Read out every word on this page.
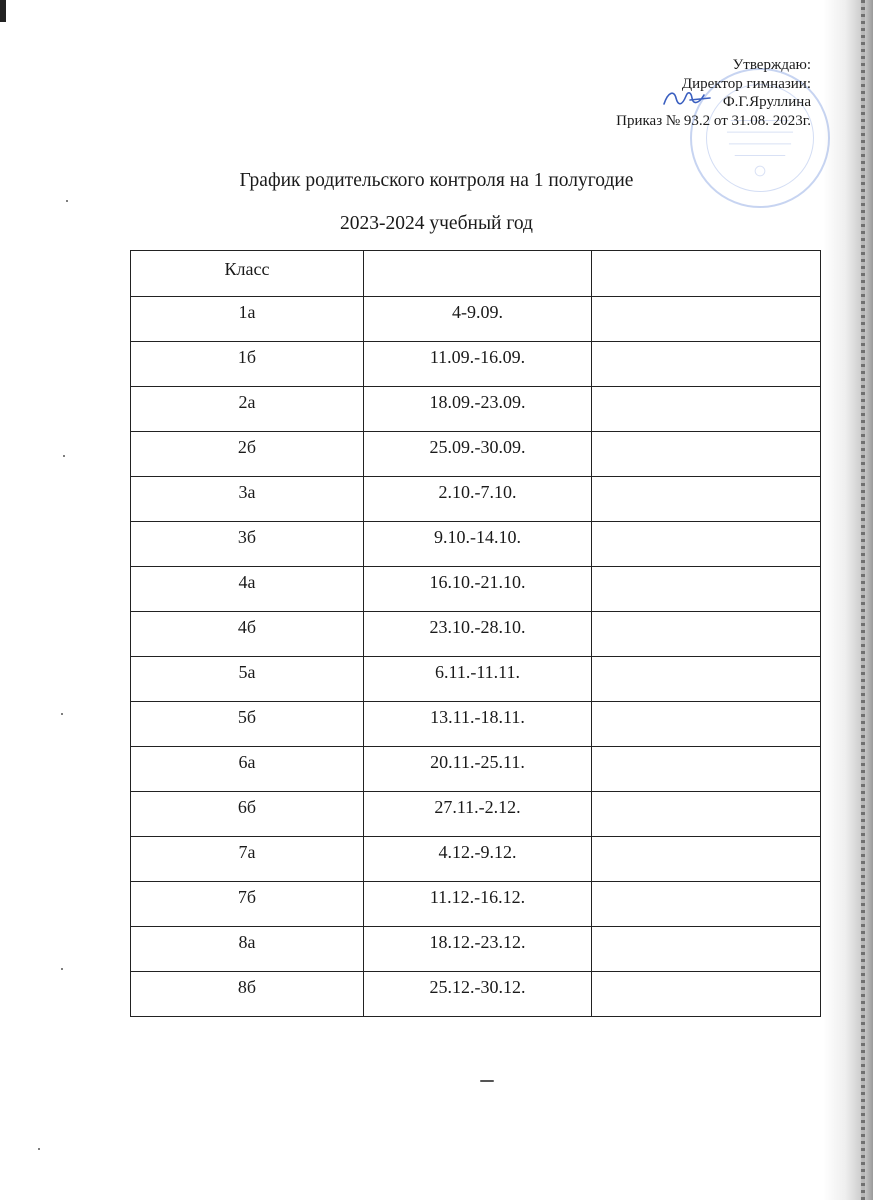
Утверждаю:
Директор гимназии:
Ф.Г.Яруллина
Приказ № 93.2 от 31.08. 2023г.
График родительского контроля на 1 полугодие
2023-2024 учебный год
Класс		

1а	4-9.09.	

1б	11.09.-16.09.	

2а	18.09.-23.09.	

2б	25.09.-30.09.	

3а	2.10.-7.10.	

3б	9.10.-14.10.	

4а	16.10.-21.10.	

4б	23.10.-28.10.	

5а	6.11.-11.11.	

5б	13.11.-18.11.	

6а	20.11.-25.11.	

6б	27.11.-2.12.	

7а	4.12.-9.12.	

7б	11.12.-16.12.	

8а	18.12.-23.12.	

8б	25.12.-30.12.	
